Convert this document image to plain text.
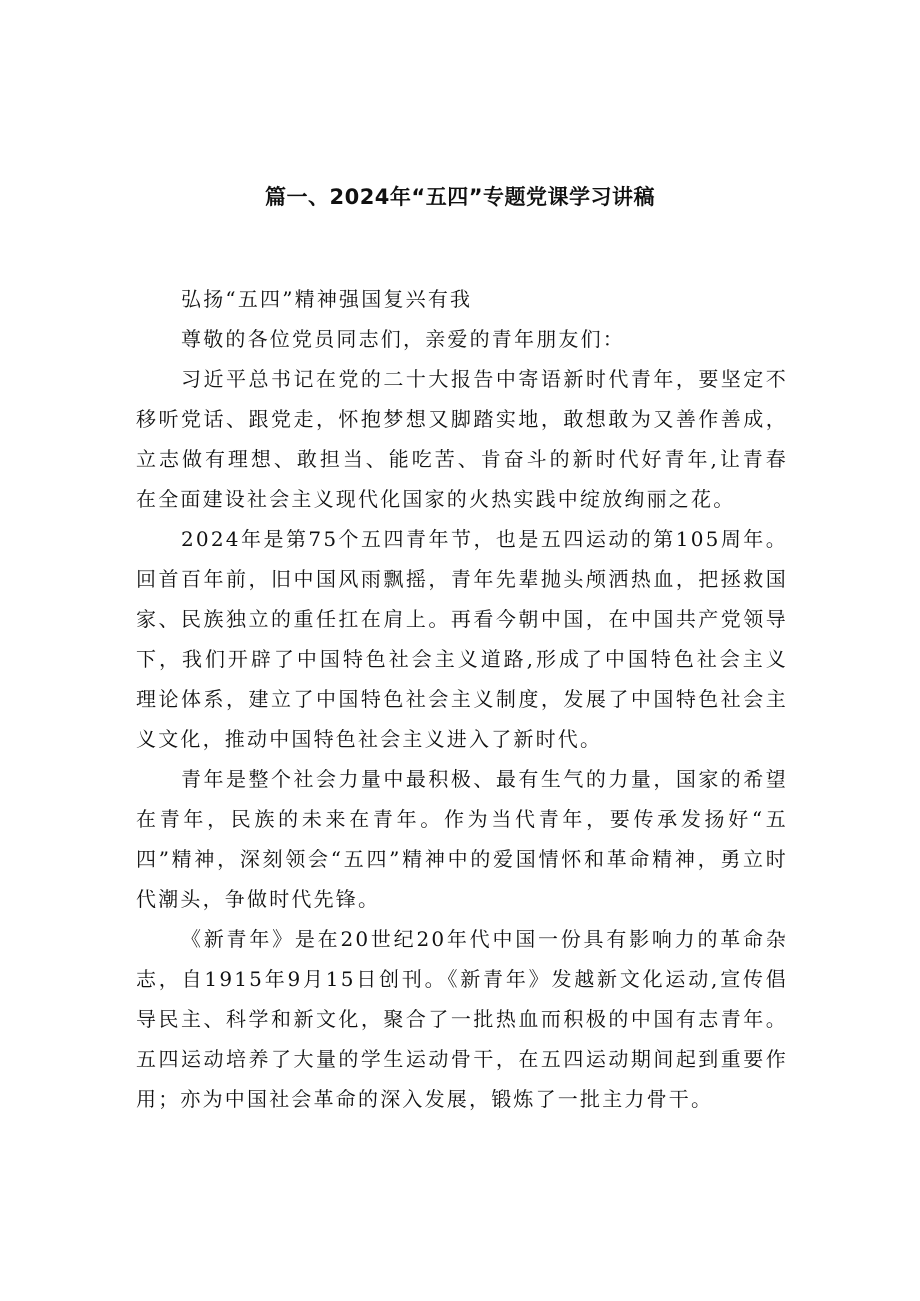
篇一、2024年“五四”专题党课学习讲稿

弘扬“五四”精神强国复兴有我

尊敬的各位党员同志们，亲爱的青年朋友们：

习近平总书记在党的二十大报告中寄语新时代青年，要坚定不移听党话、跟党走，怀抱梦想又脚踏实地，敢想敢为又善作善成，立志做有理想、敢担当、能吃苦、肯奋斗的新时代好青年,让青春在全面建设社会主义现代化国家的火热实践中绽放绚丽之花。

2024年是第75个五四青年节，也是五四运动的第105周年。回首百年前，旧中国风雨飘摇，青年先辈抛头颅洒热血，把拯救国家、民族独立的重任扛在肩上。再看今朝中国，在中国共产党领导下，我们开辟了中国特色社会主义道路,形成了中国特色社会主义理论体系，建立了中国特色社会主义制度，发展了中国特色社会主义文化，推动中国特色社会主义进入了新时代。

青年是整个社会力量中最积极、最有生气的力量，国家的希望在青年，民族的未来在青年。作为当代青年，要传承发扬好“五四”精神，深刻领会“五四”精神中的爱国情怀和革命精神，勇立时代潮头，争做时代先锋。

《新青年》是在20世纪20年代中国一份具有影响力的革命杂志，自1915年9月15日创刊。《新青年》发越新文化运动,宣传倡导民主、科学和新文化，聚合了一批热血而积极的中国有志青年。五四运动培养了大量的学生运动骨干，在五四运动期间起到重要作用；亦为中国社会革命的深入发展，锻炼了一批主力骨干。
